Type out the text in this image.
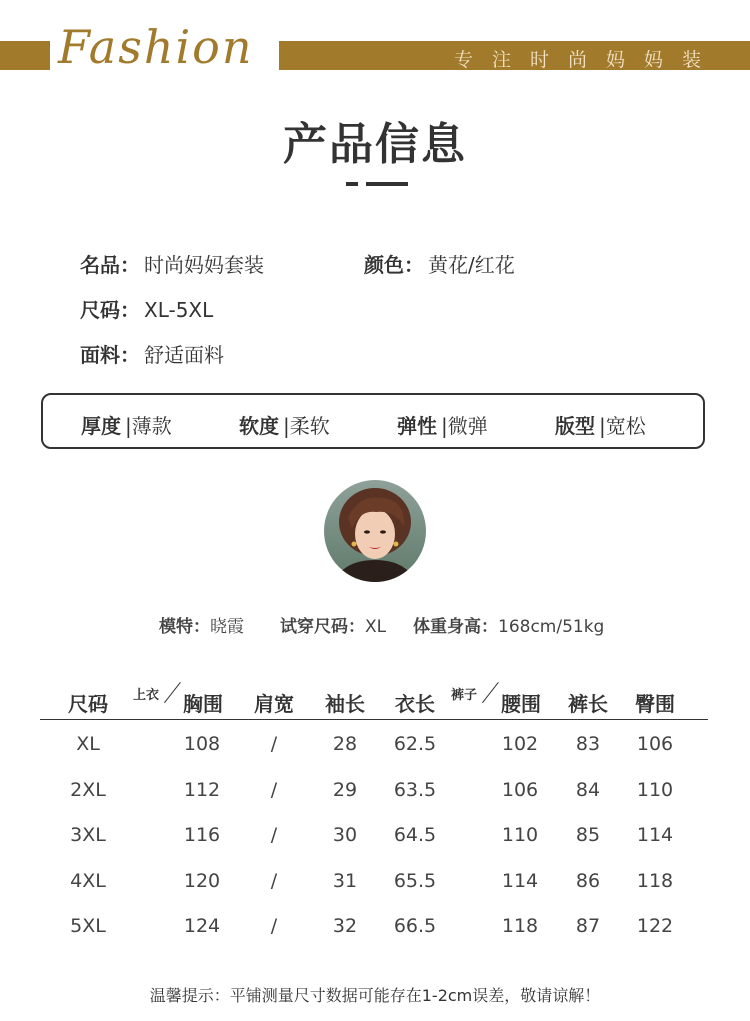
Fashion	专注时尚妈妈装
产品信息
名品： 时尚妈妈套装	颜色： 黄花/红花
尺码： XL-5XL
面料： 舒适面料
厚度 |薄款	软度 |柔软	弹性 |微弹	版型 |宽松
模特：晓霞 试穿尺码：XL 体重身高：168cm/51kg
尺码 上衣 胸围 肩宽 袖长 衣长 裤子 腰围 裤长 臀围
XL	108	/	28	62.5	102	83	106
2XL	112	/	29	63.5	106	84	110
3XL	116	/	30	64.5	110	85	114
4XL	120	/	31	65.5	114	86	118
5XL	124	/	32	66.5	118	87	122
温馨提示：平铺测量尺寸数据可能存在1-2cm误差，敬请谅解！
